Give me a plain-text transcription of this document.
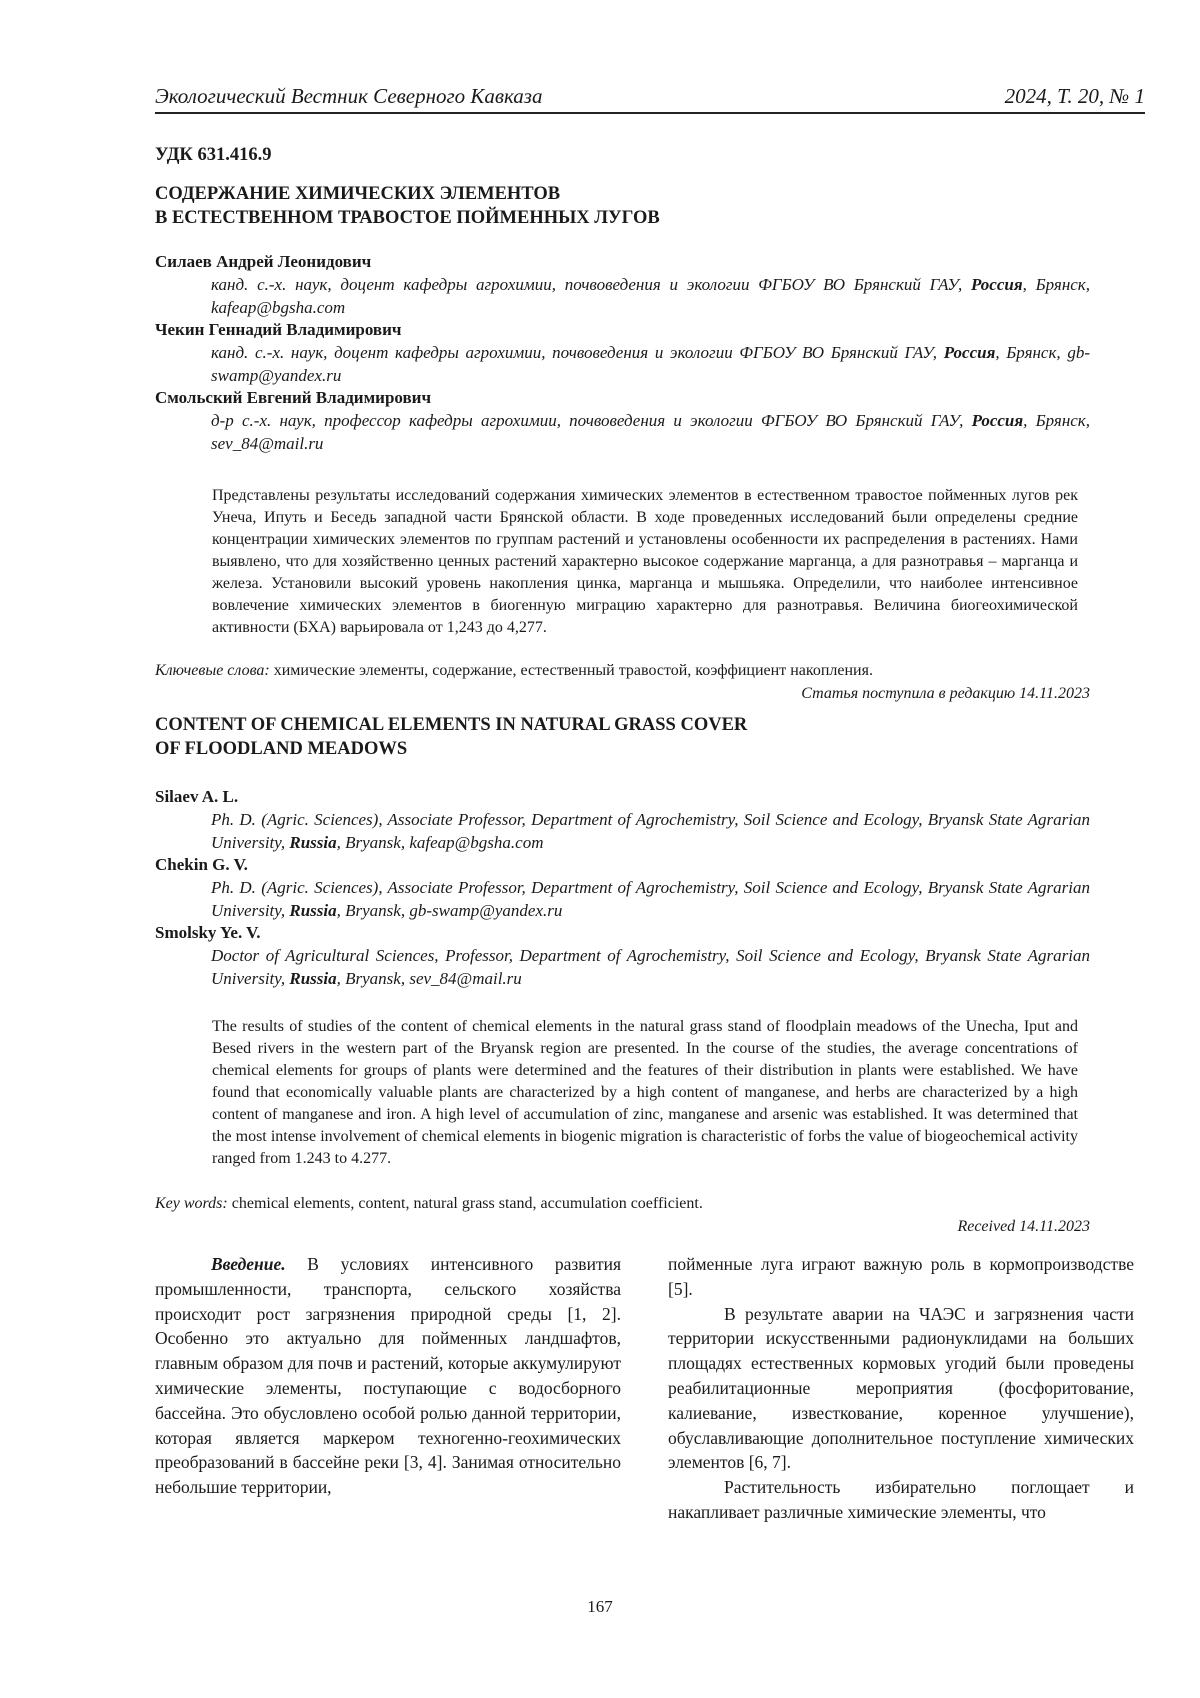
Экологический Вестник Северного Кавказа	2024, Т. 20, № 1
УДК 631.416.9
СОДЕРЖАНИЕ ХИМИЧЕСКИХ ЭЛЕМЕНТОВ
В ЕСТЕСТВЕННОМ ТРАВОСТОЕ ПОЙМЕННЫХ ЛУГОВ
Силаев Андрей Леонидович
канд. с.-х. наук, доцент кафедры агрохимии, почвоведения и экологии ФГБОУ ВО Брянский ГАУ, Россия, Брянск, kafeap@bgsha.com
Чекин Геннадий Владимирович
канд. с.-х. наук, доцент кафедры агрохимии, почвоведения и экологии ФГБОУ ВО Брянский ГАУ, Россия, Брянск, gb-swamp@yandex.ru
Смольский Евгений Владимирович
д-р с.-х. наук, профессор кафедры агрохимии, почвоведения и экологии ФГБОУ ВО Брянский ГАУ, Россия, Брянск, sev_84@mail.ru

Представлены результаты исследований содержания химических элементов в естественном травостое пойменных лугов рек Унеча, Ипуть и Беседь западной части Брянской области. В ходе проведенных исследований были определены средние концентрации химических элементов по группам растений и установлены особенности их распределения в растениях. Нами выявлено, что для хозяйственно ценных растений характерно высокое содержание марганца, а для разнотравья – марганца и железа. Установили высокий уровень накопления цинка, марганца и мышьяка. Определили, что наиболее интенсивное вовлечение химических элементов в биогенную миграцию характерно для разнотравья. Величина биогеохимической активности (БХА) варьировала от 1,243 до 4,277.

Ключевые слова: химические элементы, содержание, естественный травостой, коэффициент накопления.
Статья поступила в редакцию 14.11.2023
CONTENT OF CHEMICAL ELEMENTS IN NATURAL GRASS COVER
OF FLOODLAND MEADOWS
Silaev A. L.
Ph. D. (Agric. Sciences), Associate Professor, Department of Agrochemistry, Soil Science and Ecology, Bryansk State Agrarian University, Russia, Bryansk, kafeap@bgsha.com
Chekin G. V.
Ph. D. (Agric. Sciences), Associate Professor, Department of Agrochemistry, Soil Science and Ecology, Bryansk State Agrarian University, Russia, Bryansk, gb-swamp@yandex.ru
Smolsky Ye. V.
Doctor of Agricultural Sciences, Professor, Department of Agrochemistry, Soil Science and Ecology, Bryansk State Agrarian University, Russia, Bryansk, sev_84@mail.ru

The results of studies of the content of chemical elements in the natural grass stand of floodplain meadows of the Unecha, Iput and Besed rivers in the western part of the Bryansk region are presented. In the course of the studies, the average concentrations of chemical elements for groups of plants were determined and the features of their distribution in plants were established. We have found that economically valuable plants are characterized by a high content of manganese, and herbs are characterized by a high content of manganese and iron. A high level of accumulation of zinc, manganese and arsenic was established. It was determined that the most intense involvement of chemical elements in biogenic migration is characteristic of forbs the value of biogeochemical activity ranged from 1.243 to 4.277.

Key words: chemical elements, content, natural grass stand, accumulation coefficient.
Received 14.11.2023

Введение. В условиях интенсивного развития промышленности, транспорта, сельского хозяйства происходит рост загрязнения природной среды [1, 2]. Особенно это актуально для пойменных ландшафтов, главным образом для почв и растений, которые аккумулируют химические элементы, поступающие с водосборного бассейна. Это обусловлено особой ролью данной территории, которая является маркером техногенно-геохимических преобразований в бассейне реки [3, 4]. Занимая относительно небольшие территории,

пойменные луга играют важную роль в кормопроизводстве [5].

В результате аварии на ЧАЭС и загрязнения части территории искусственными радионуклидами на больших площадях естественных кормовых угодий были проведены реабилитационные мероприятия (фосфоритование, калиевание, известкование, коренное улучшение), обуславливающие дополнительное поступление химических элементов [6, 7].

Растительность избирательно поглощает и накапливает различные химические элементы, что

167
